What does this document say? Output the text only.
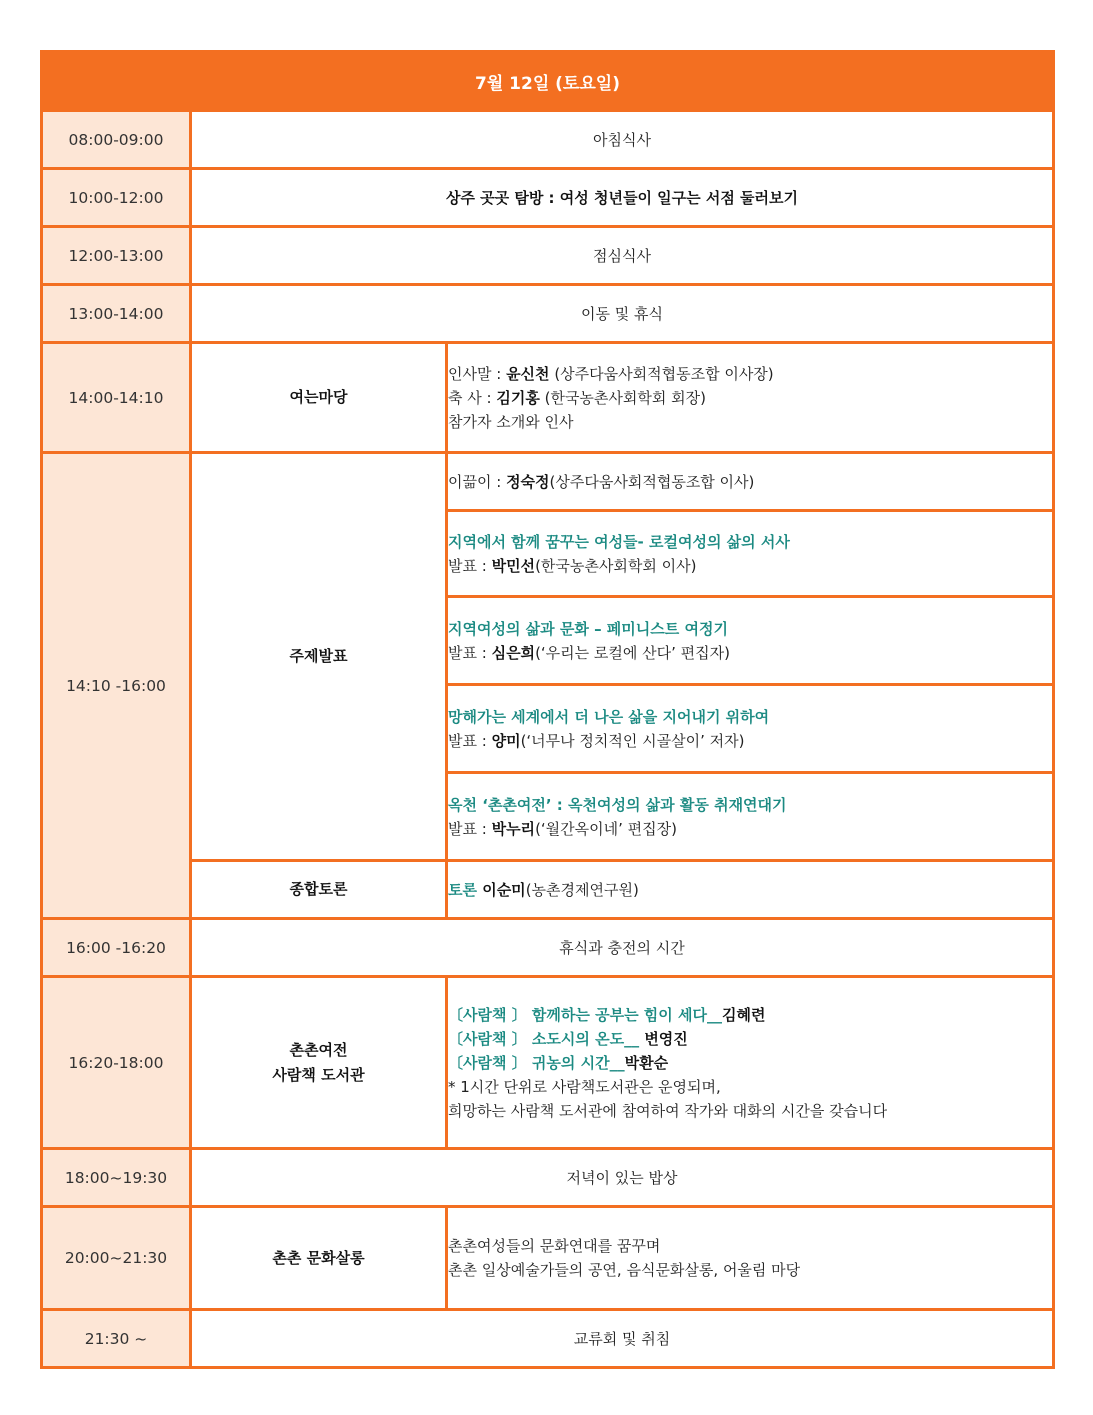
7월 12일 (토요일)		
08:00-09:00	아침식사	
10:00-12:00	상주 곳곳 탐방 : 여성 청년들이 일구는 서점 둘러보기	
12:00-13:00	점심식사	
13:00-14:00	이동 및 휴식	
14:00-14:10	여는마당	인사말 : 윤신천 (상주다움사회적협동조합 이사장)
축 사 : 김기홍 (한국농촌사회학회 회장)
참가자 소개와 인사

14:10 -16:00	주제발표	이끎이 : 정숙정(상주다움사회적협동조합 이사)

		지역에서 함께 꿈꾸는 여성들- 로컬여성의 삶의 서사
발표 : 박민선(한국농촌사회학회 이사)

		지역여성의 삶과 문화 – 페미니스트 여정기
발표 : 심은희(‘우리는 로컬에 산다’ 편집자)

		망해가는 세계에서 더 나은 삶을 지어내기 위하여
발표 : 양미(‘너무나 정치적인 시골살이’ 저자)

		옥천 ‘촌촌여전’ : 옥천여성의 삶과 활동 취재연대기
발표 : 박누리(‘월간옥이네’ 편집장)

	종합토론	토론 이순미(농촌경제연구원)

16:00 -16:20	휴식과 충전의 시간	
16:20-18:00	촌촌여전
사람책 도서관	〔사람책 〕 함께하는 공부는 힘이 세다__김혜련
〔사람책 〕 소도시의 온도__ 변영진
〔사람책 〕 귀농의 시간__박환순
* 1시간 단위로 사람책도서관은 운영되며,
희망하는 사람책 도서관에 참여하여 작가와 대화의 시간을 갖습니다

18:00~19:30	저녁이 있는 밥상	
20:00~21:30	촌촌 문화살롱	촌촌여성들의 문화연대를 꿈꾸며
촌촌 일상예술가들의 공연, 음식문화살롱, 어울림 마당

21:30 ~	교류회 및 취침	
